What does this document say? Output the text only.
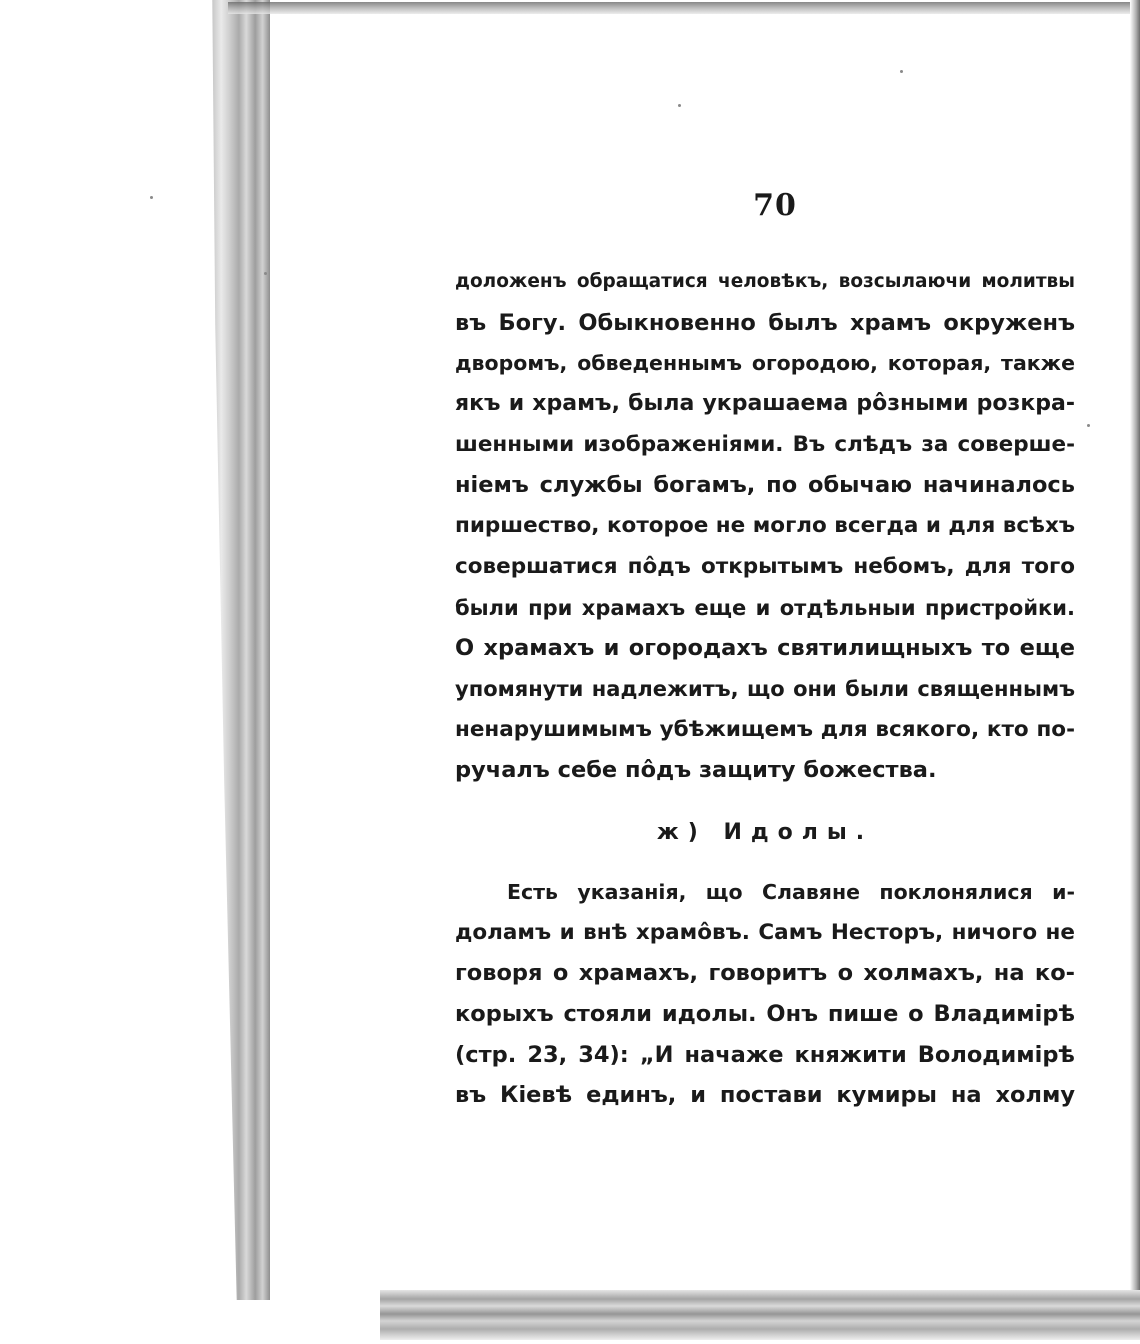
70
доложенъ обращатися человѣкъ, возсылаючи молитвы
въ Богу. Обыкновенно былъ храмъ окруженъ
дворомъ, обведеннымъ огородою, которая, также
якъ и храмъ, была украшаема рôзными розкра-
шенными изображеніями. Въ слѣдъ за соверше-
ніемъ службы богамъ, по обычаю начиналось
пиршество, которое не могло всегда и для всѣхъ
совершатися пôдъ открытымъ небомъ, для того
были при храмахъ еще и отдѣльныи пристройки.
О храмахъ и огородахъ святилищныхъ то еще
упомянути надлежитъ, що они были священнымъ
ненарушимымъ убѣжищемъ для всякого, кто по-
ручалъ себе пôдъ защиту божества.
ж) Идолы.
Есть указанія, що Славяне поклонялися и-
доламъ и внѣ храмôвъ. Самъ Несторъ, ничого не
говоря о храмахъ, говоритъ о холмахъ, на ко-
корыхъ стояли идолы. Онъ пише о Владимірѣ
(стр. 23, 34): „И начаже княжити Володимірѣ
въ Кіевѣ единъ, и постави кумиры на холму
